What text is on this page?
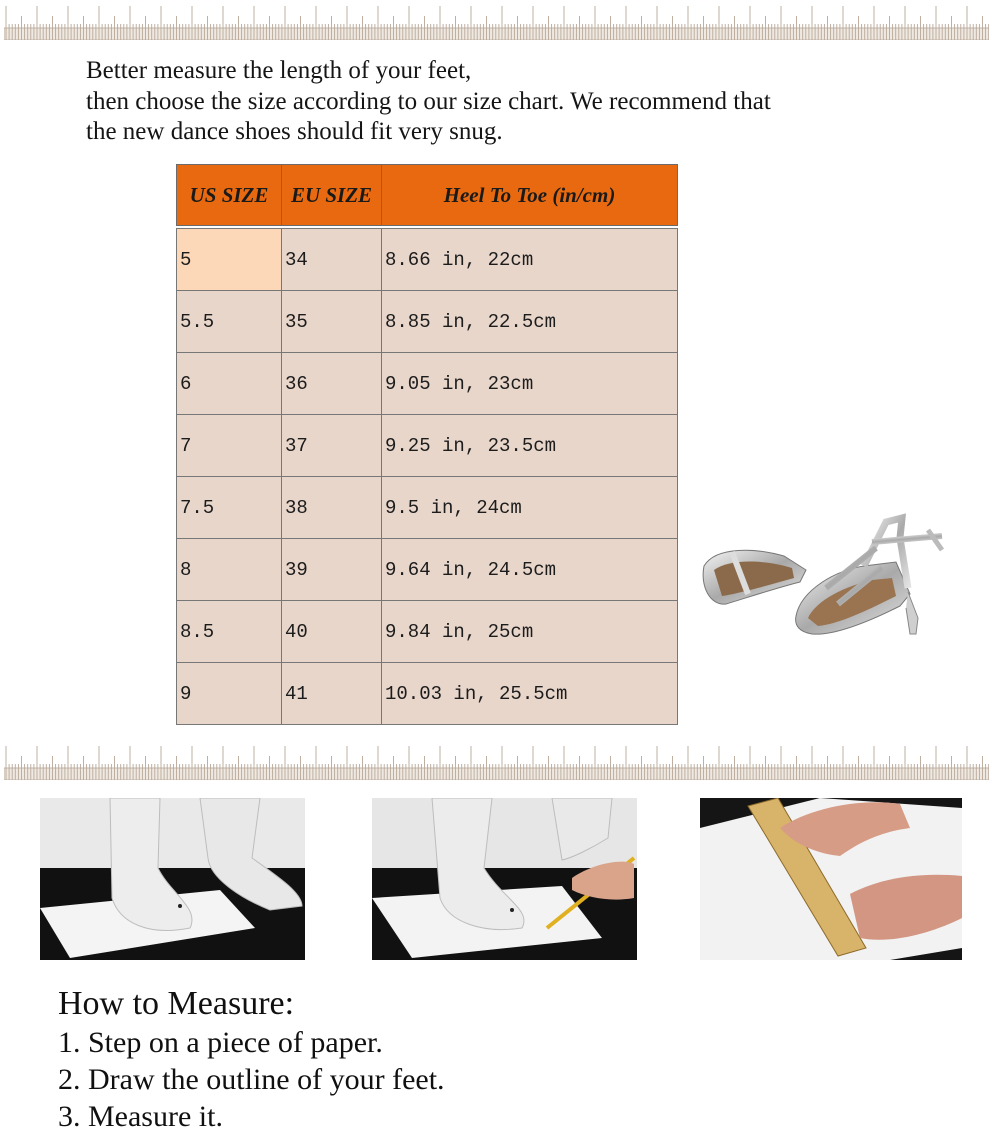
Better measure the length of your feet,
then choose the size according to our size chart. We recommend that
the new dance shoes should fit very snug.
US SIZE	EU SIZE	Heel To Toe (in/cm)

5	34	8.66 in, 22cm
5.5	35	8.85 in, 22.5cm
6	36	9.05 in, 23cm
7	37	9.25 in, 23.5cm
7.5	38	9.5 in, 24cm
8	39	9.64 in, 24.5cm
8.5	40	9.84 in, 25cm
9	41	10.03 in, 25.5cm
How to Measure:
1. Step on a piece of paper.
2. Draw the outline of your feet.
3. Measure it.
